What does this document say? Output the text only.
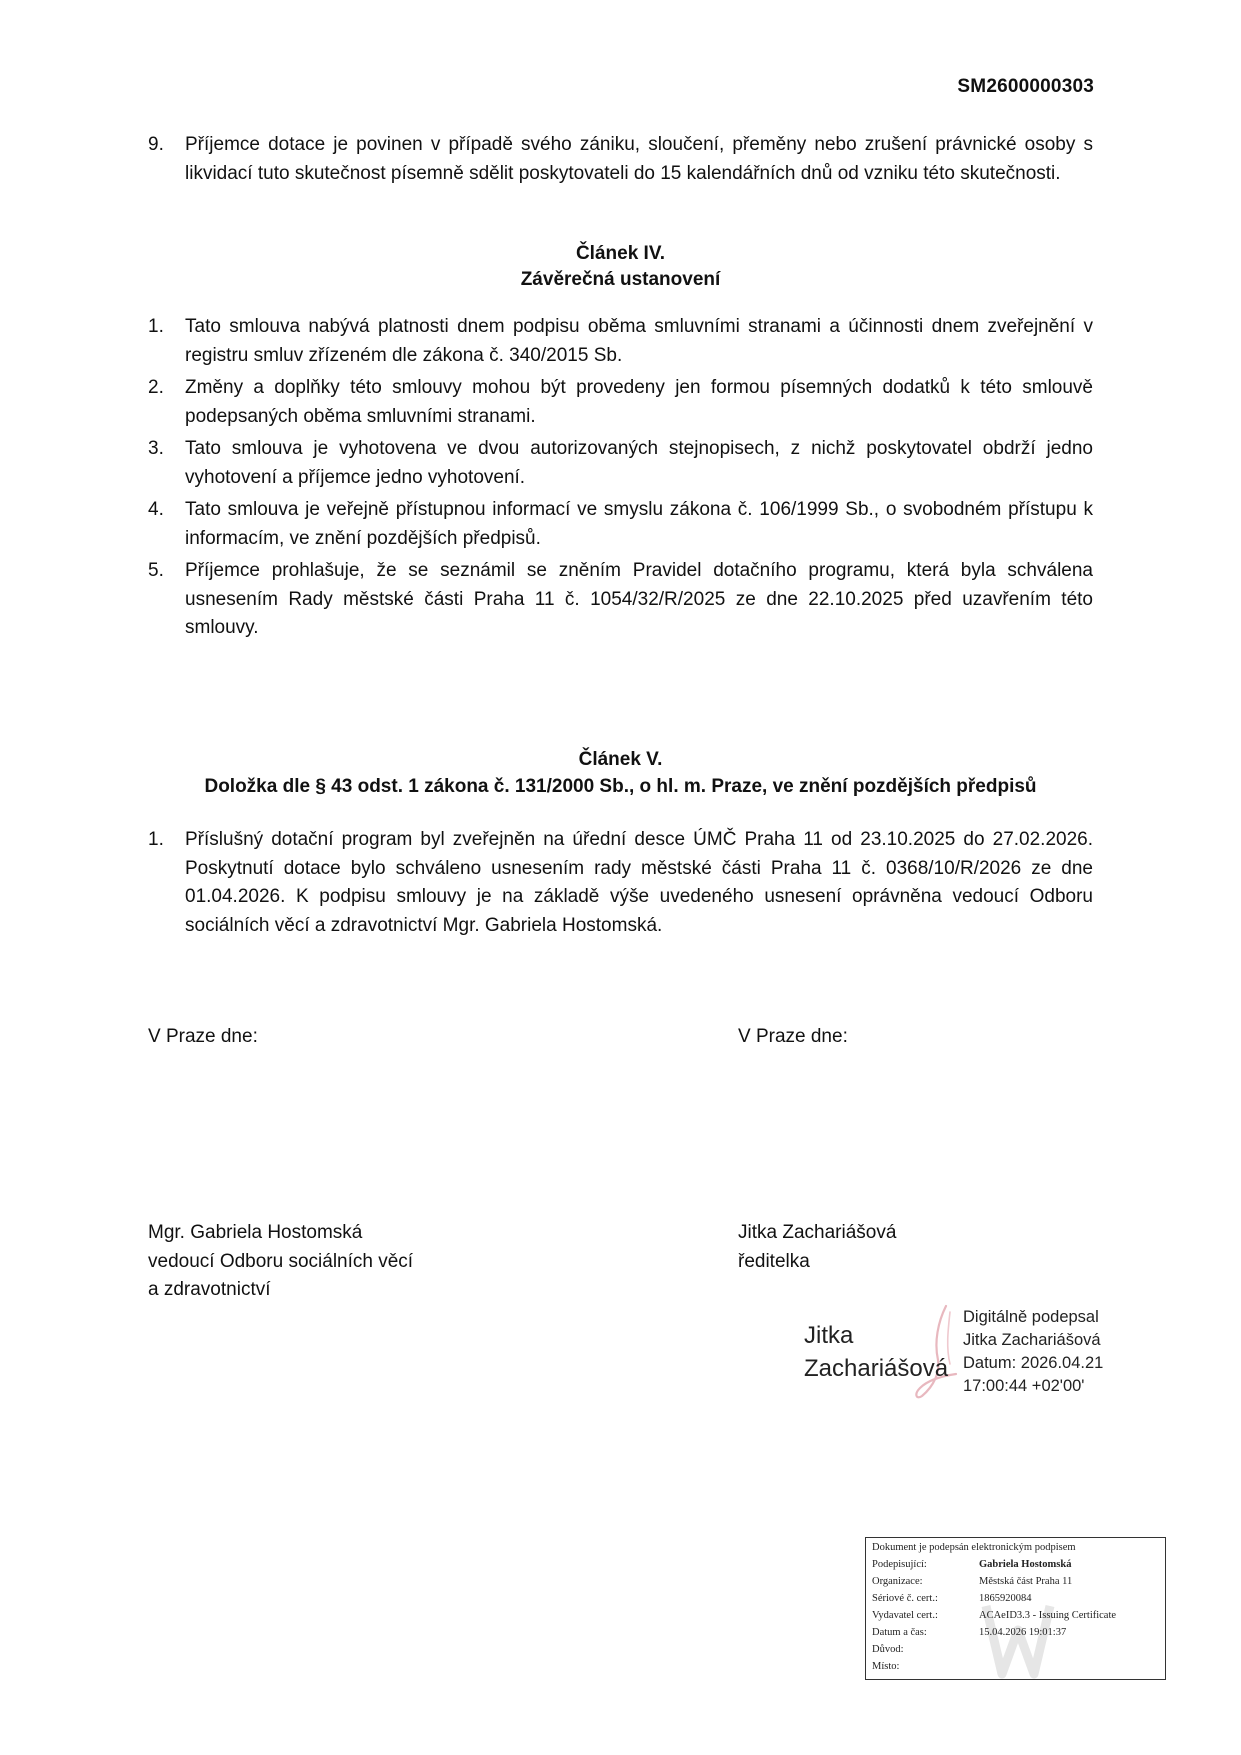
SM2600000303
9. Příjemce dotace je povinen v případě svého zániku, sloučení, přeměny nebo zrušení právnické osoby s likvidací tuto skutečnost písemně sdělit poskytovateli do 15 kalendářních dnů od vzniku této skutečnosti.
Článek IV.
Závěrečná ustanovení
1. Tato smlouva nabývá platnosti dnem podpisu oběma smluvními stranami a účinnosti dnem zveřejnění v registru smluv zřízeném dle zákona č. 340/2015 Sb.
2. Změny a doplňky této smlouvy mohou být provedeny jen formou písemných dodatků k této smlouvě podepsaných oběma smluvními stranami.
3. Tato smlouva je vyhotovena ve dvou autorizovaných stejnopisech, z nichž poskytovatel obdrží jedno vyhotovení a příjemce jedno vyhotovení.
4. Tato smlouva je veřejně přístupnou informací ve smyslu zákona č. 106/1999 Sb., o svobodném přístupu k informacím, ve znění pozdějších předpisů.
5. Příjemce prohlašuje, že se seznámil se zněním Pravidel dotačního programu, která byla schválena usnesením Rady městské části Praha 11 č. 1054/32/R/2025 ze dne 22.10.2025 před uzavřením této smlouvy.
Článek V.
Doložka dle § 43 odst. 1 zákona č. 131/2000 Sb., o hl. m. Praze, ve znění pozdějších předpisů
1. Příslušný dotační program byl zveřejněn na úřední desce ÚMČ Praha 11 od 23.10.2025 do 27.02.2026. Poskytnutí dotace bylo schváleno usnesením rady městské části Praha 11 č. 0368/10/R/2026 ze dne 01.04.2026. K podpisu smlouvy je na základě výše uvedeného usnesení oprávněna vedoucí Odboru sociálních věcí a zdravotnictví Mgr. Gabriela Hostomská.
V Praze dne:	V Praze dne:
Mgr. Gabriela Hostomská
vedoucí Odboru sociálních věcí
a zdravotnictví
Jitka Zachariášová
ředitelka
Jitka
Zachariášová
Digitálně podepsal
Jitka Zachariášová
Datum: 2026.04.21
17:00:44 +02'00'
Dokument je podepsán elektronickým podpisem
Podepisující:	Gabriela Hostomská
Organizace:	Městská část Praha 11
Sériové č. cert.:	1865920084
Vydavatel cert.:	ACAeID3.3 - Issuing Certificate
Datum a čas:	15.04.2026 19:01:37
Důvod:
Místo:
